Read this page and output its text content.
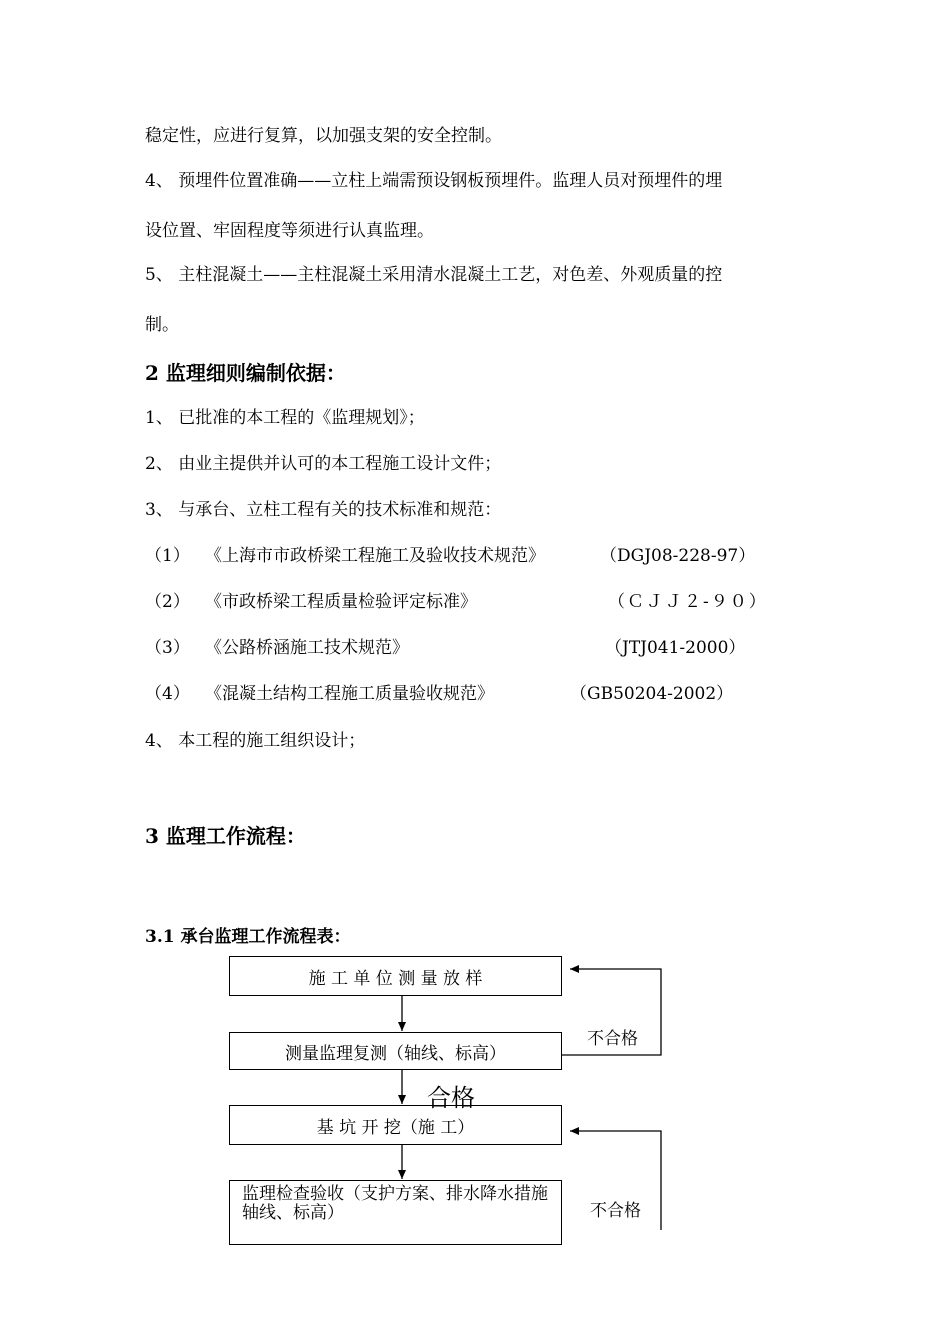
稳定性，应进行复算，以加强支架的安全控制。
4、 预埋件位置准确——立柱上端需预设钢板预埋件。监理人员对预埋件的埋
设位置、牢固程度等须进行认真监理。
5、 主柱混凝土——主柱混凝土采用清水混凝土工艺，对色差、外观质量的控
制。
2 监理细则编制依据：
1、 已批准的本工程的《监理规划》；
2、 由业主提供并认可的本工程施工设计文件；
3、 与承台、立柱工程有关的技术标准和规范：
（1） 《上海市市政桥梁工程施工及验收技术规范》	（DGJ08-228-97）
（2） 《市政桥梁工程质量检验评定标准》	（ＣＪＪ２-９０）
（3） 《公路桥涵施工技术规范》	（JTJ041-2000）
（4） 《混凝土结构工程施工质量验收规范》	（GB50204-2002）
4、 本工程的施工组织设计；
3 监理工作流程：
3.1 承台监理工作流程表：
施 工 单 位 测 量 放 样
测量监理复测（轴线、标高）
基 坑 开 挖（施 工）
监理检查验收（支护方案、排水降水措施轴线、标高）
合格
不合格
不合格
